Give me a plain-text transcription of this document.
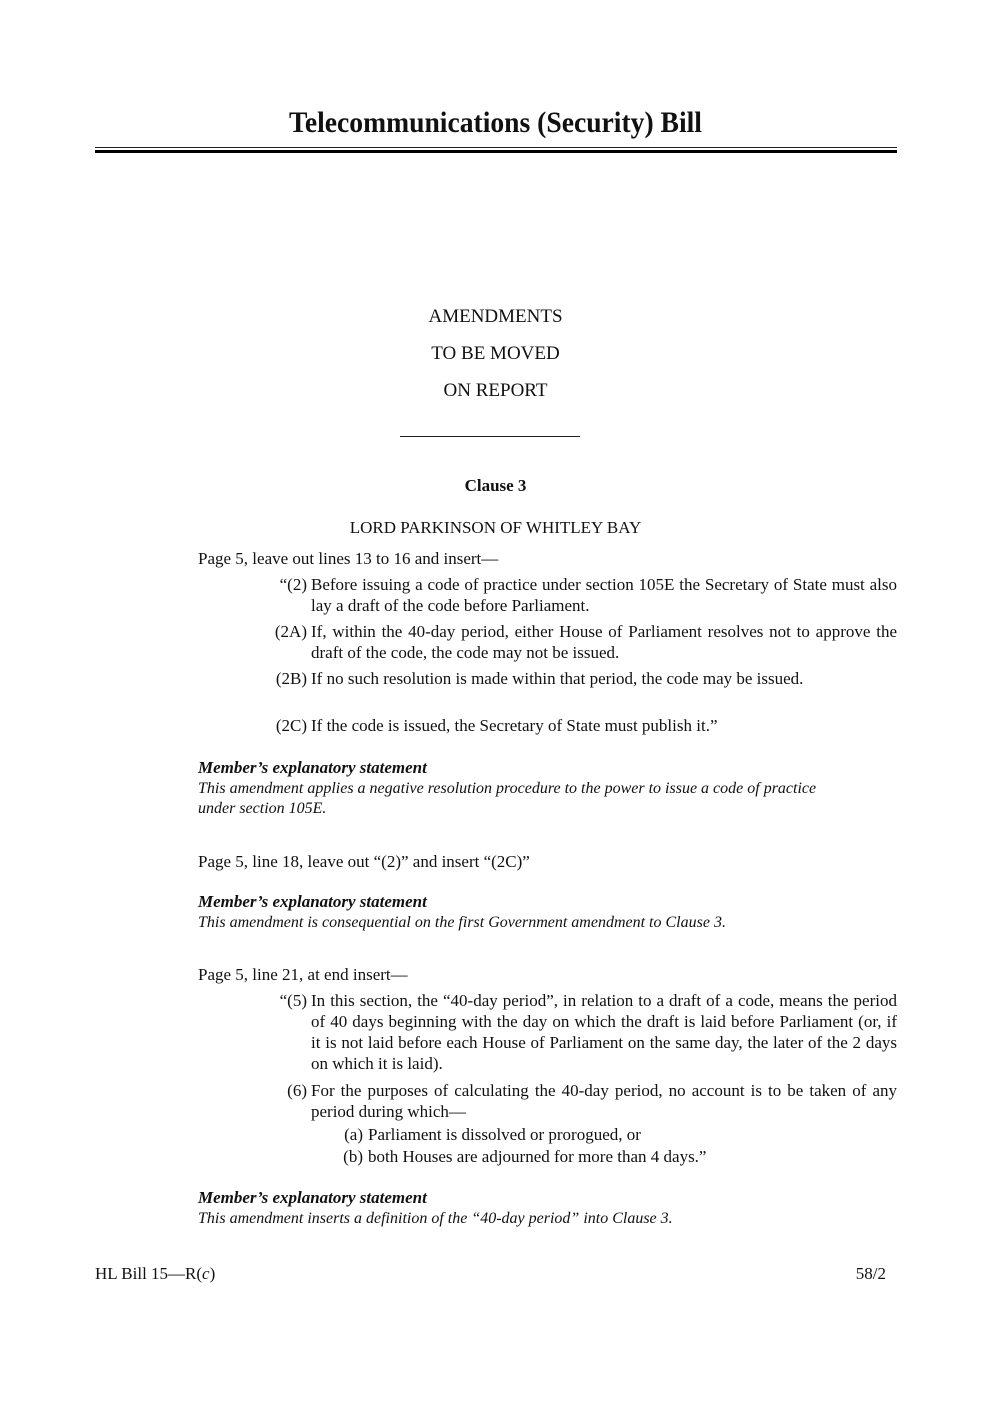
Telecommunications (Security) Bill
AMENDMENTS
TO BE MOVED
ON REPORT
Clause 3
LORD PARKINSON OF WHITLEY BAY
Page 5, leave out lines 13 to 16 and insert—
“(2) Before issuing a code of practice under section 105E the Secretary of State must also lay a draft of the code before Parliament.
(2A) If, within the 40-day period, either House of Parliament resolves not to approve the draft of the code, the code may not be issued.
(2B) If no such resolution is made within that period, the code may be issued.
(2C) If the code is issued, the Secretary of State must publish it.”
Member’s explanatory statement
This amendment applies a negative resolution procedure to the power to issue a code of practice under section 105E.
Page 5, line 18, leave out “(2)” and insert “(2C)”
Member’s explanatory statement
This amendment is consequential on the first Government amendment to Clause 3.
Page 5, line 21, at end insert—
“(5) In this section, the “40-day period”, in relation to a draft of a code, means the period of 40 days beginning with the day on which the draft is laid before Parliament (or, if it is not laid before each House of Parliament on the same day, the later of the 2 days on which it is laid).
(6) For the purposes of calculating the 40-day period, no account is to be taken of any period during which—
(a) Parliament is dissolved or prorogued, or
(b) both Houses are adjourned for more than 4 days.”
Member’s explanatory statement
This amendment inserts a definition of the “40-day period” into Clause 3.
HL Bill 15—R(c)	58/2
